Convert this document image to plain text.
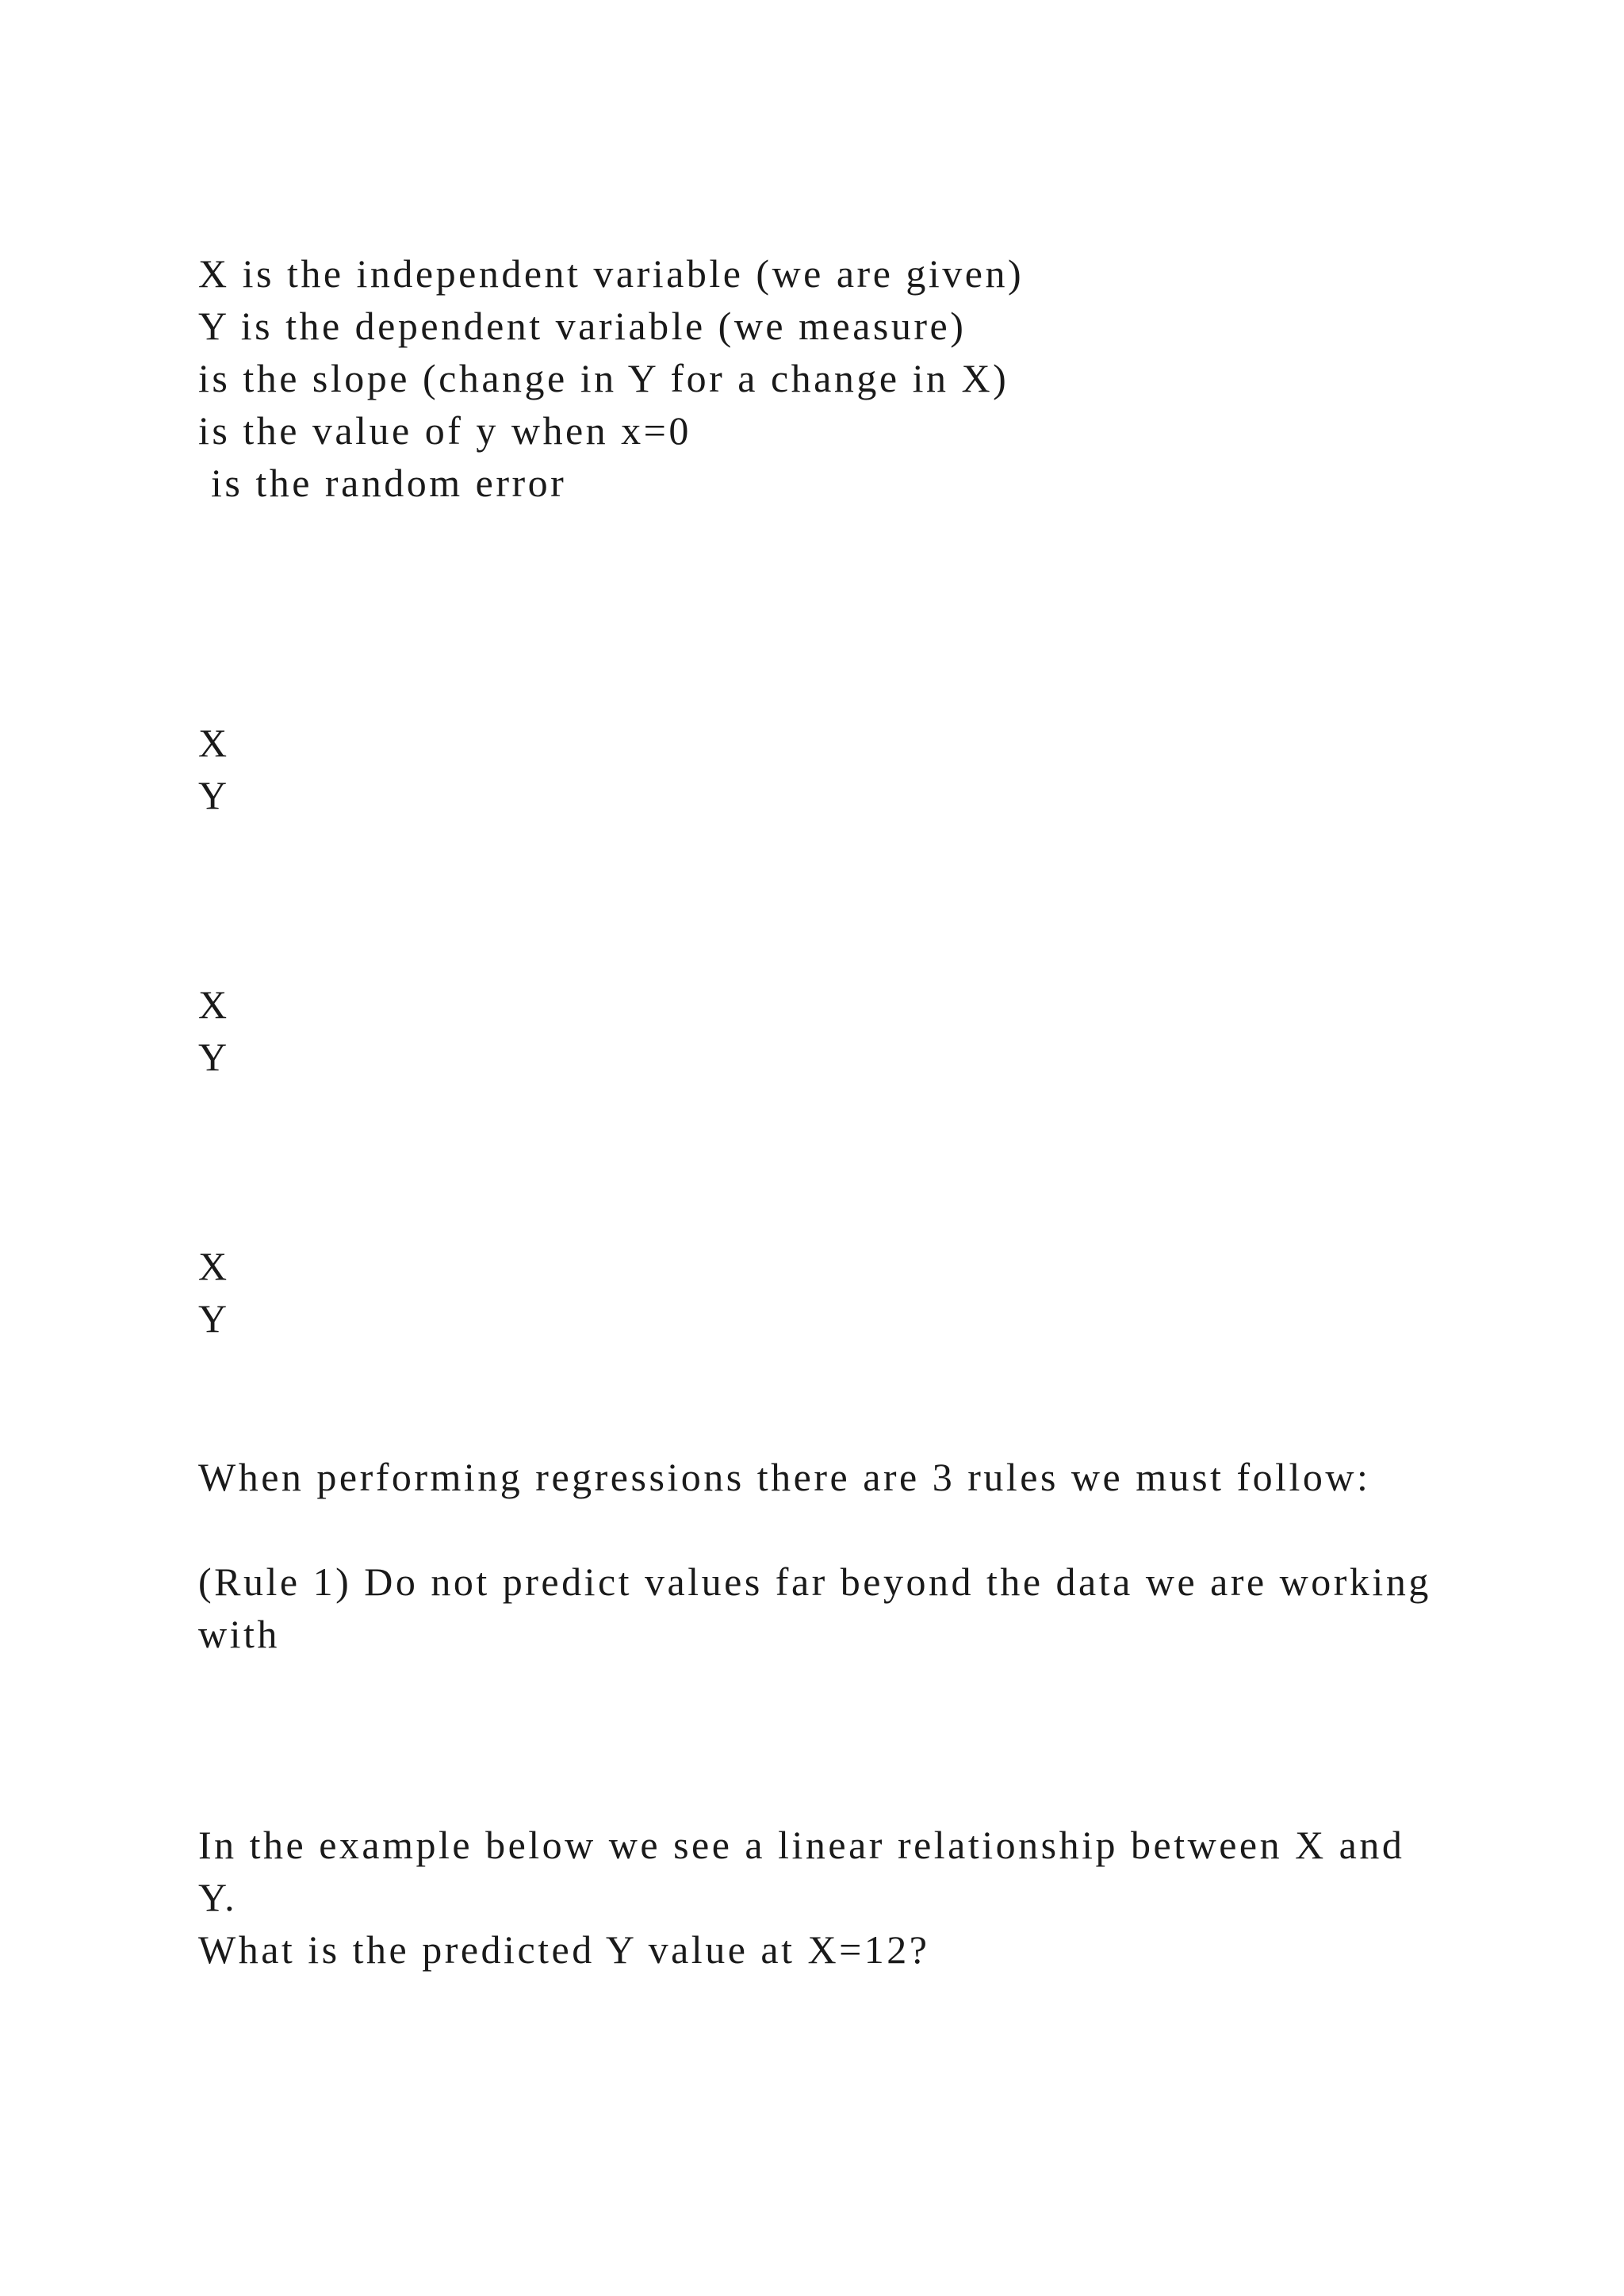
X is the independent variable (we are given)

Y is the dependent variable (we measure)

is the slope (change in Y for a change in X)

is the value of y when x=0

is the random error

X

Y

X

Y

X

Y

When performing regressions there are 3 rules we must follow:

(Rule 1) Do not predict values far beyond the data we are working with

In the example below we see a linear relationship between X and Y.

What is the predicted Y value at X=12?
